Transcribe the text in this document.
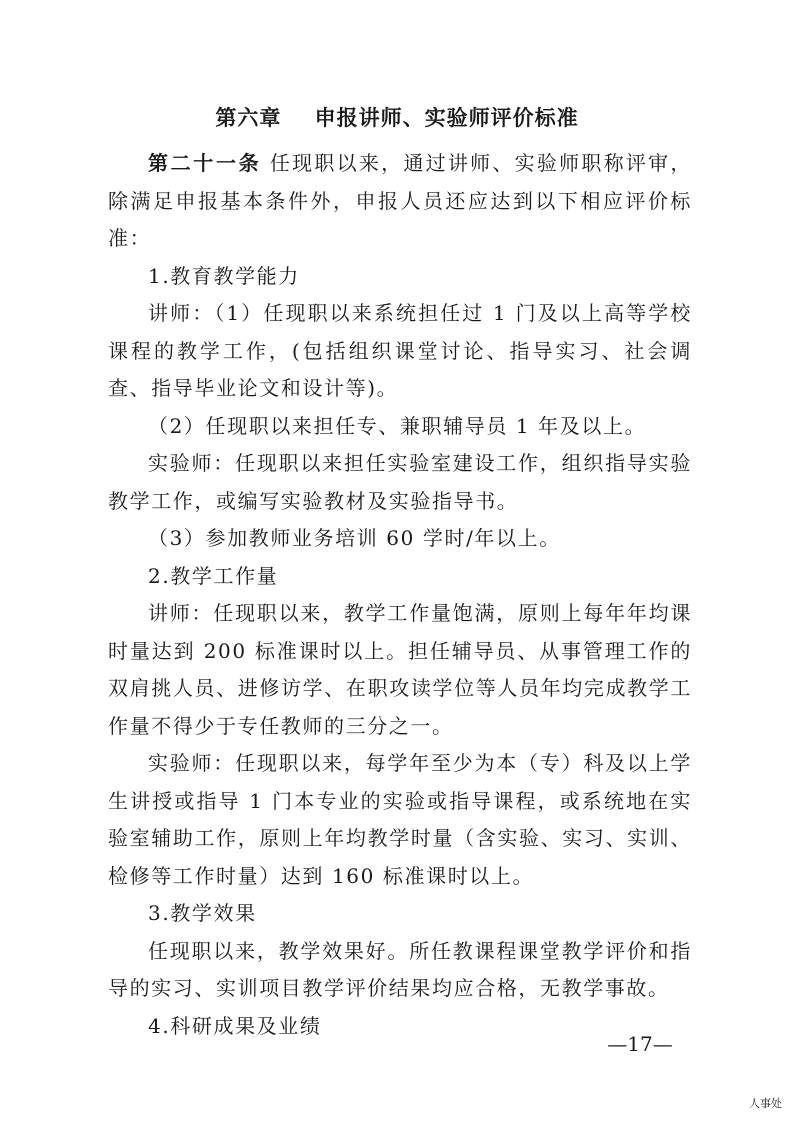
第六章    申报讲师、实验师评价标准

第二十一条 任现职以来，通过讲师、实验师职称评审，除满足申报基本条件外，申报人员还应达到以下相应评价标准：

1.教育教学能力

讲师：（1）任现职以来系统担任过 1 门及以上高等学校课程的教学工作，(包括组织课堂讨论、指导实习、社会调查、指导毕业论文和设计等)。

（2）任现职以来担任专、兼职辅导员 1 年及以上。

实验师：任现职以来担任实验室建设工作，组织指导实验教学工作，或编写实验教材及实验指导书。

（3）参加教师业务培训 60 学时/年以上。

2.教学工作量

讲师：任现职以来，教学工作量饱满，原则上每年年均课时量达到 200 标准课时以上。担任辅导员、从事管理工作的双肩挑人员、进修访学、在职攻读学位等人员年均完成教学工作量不得少于专任教师的三分之一。

实验师：任现职以来，每学年至少为本（专）科及以上学生讲授或指导 1 门本专业的实验或指导课程，或系统地在实验室辅助工作，原则上年均教学时量（含实验、实习、实训、检修等工作时量）达到 160 标准课时以上。

3.教学效果

任现职以来，教学效果好。所任教课程课堂教学评价和指导的实习、实训项目教学评价结果均应合格，无教学事故。

4.科研成果及业绩

—17—
人事处
